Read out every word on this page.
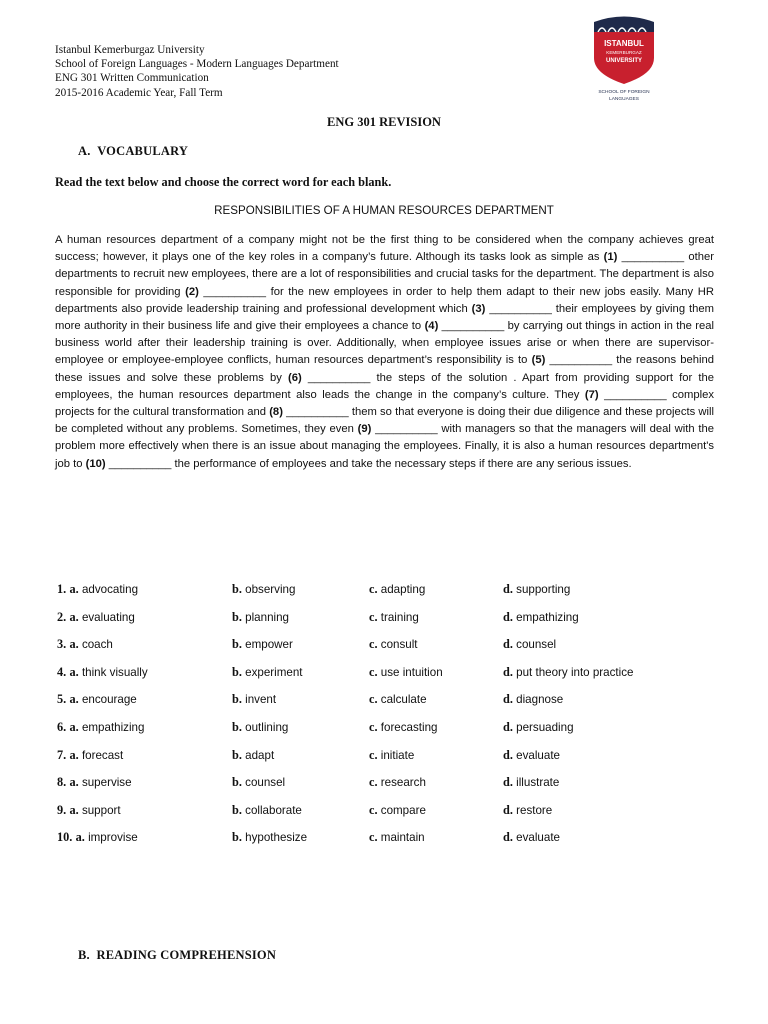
Istanbul Kemerburgaz University
School of Foreign Languages - Modern Languages Department
ENG 301 Written Communication
2015-2016 Academic Year, Fall Term
ISTANBUL
KEMERBURGAZ
UNIVERSITY
SCHOOL OF FOREIGN
LANGUAGES
ENG 301 REVISION
A.  VOCABULARY
Read the text below and choose the correct word for each blank.
RESPONSIBILITIES OF A HUMAN RESOURCES DEPARTMENT
A human resources department of a company might not be the first thing to be considered when the company achieves great success; however, it plays one of the key roles in a company’s future. Although its tasks look as simple as (1) __________ other departments to recruit new employees, there are a lot of responsibilities and crucial tasks for the department. The department is also responsible for providing (2) __________ for the new employees in order to help them adapt to their new jobs easily. Many HR departments also provide leadership training and professional development which (3) __________ their employees by giving them more authority in their business life and give their employees a chance to (4) __________ by carrying out things in action in the real business world after their leadership training is over. Additionally, when employee issues arise or when there are supervisor-employee or employee-employee conflicts, human resources department’s responsibility is to (5) __________ the reasons behind these issues and solve these problems by (6) __________ the steps of the solution . Apart from providing support for the employees, the human resources department also leads the change in the company’s culture. They (7) __________ complex projects for the cultural transformation and (8) __________ them so that everyone is doing their due diligence and these projects will be completed without any problems. Sometimes, they even (9) __________ with managers so that the managers will deal with the problem more effectively when there is an issue about managing the employees. Finally, it is also a human resources department's job to (10) __________ the performance of employees and take the necessary steps if there are any serious issues.
1. a. advocating	b. observing	c. adapting	d. supporting
2. a. evaluating	b. planning	c. training	d. empathizing
3. a. coach	b. empower	c. consult	d. counsel
4. a. think visually	b. experiment	c. use intuition	d. put theory into practice
5. a. encourage	b. invent	c. calculate	d. diagnose
6. a. empathizing	b. outlining	c. forecasting	d. persuading
7. a. forecast	b. adapt	c. initiate	d. evaluate
8. a. supervise	b. counsel	c. research	d. illustrate
9. a. support	b. collaborate	c. compare	d. restore
10. a. improvise	b. hypothesize	c. maintain	d. evaluate
B.  READING COMPREHENSION
